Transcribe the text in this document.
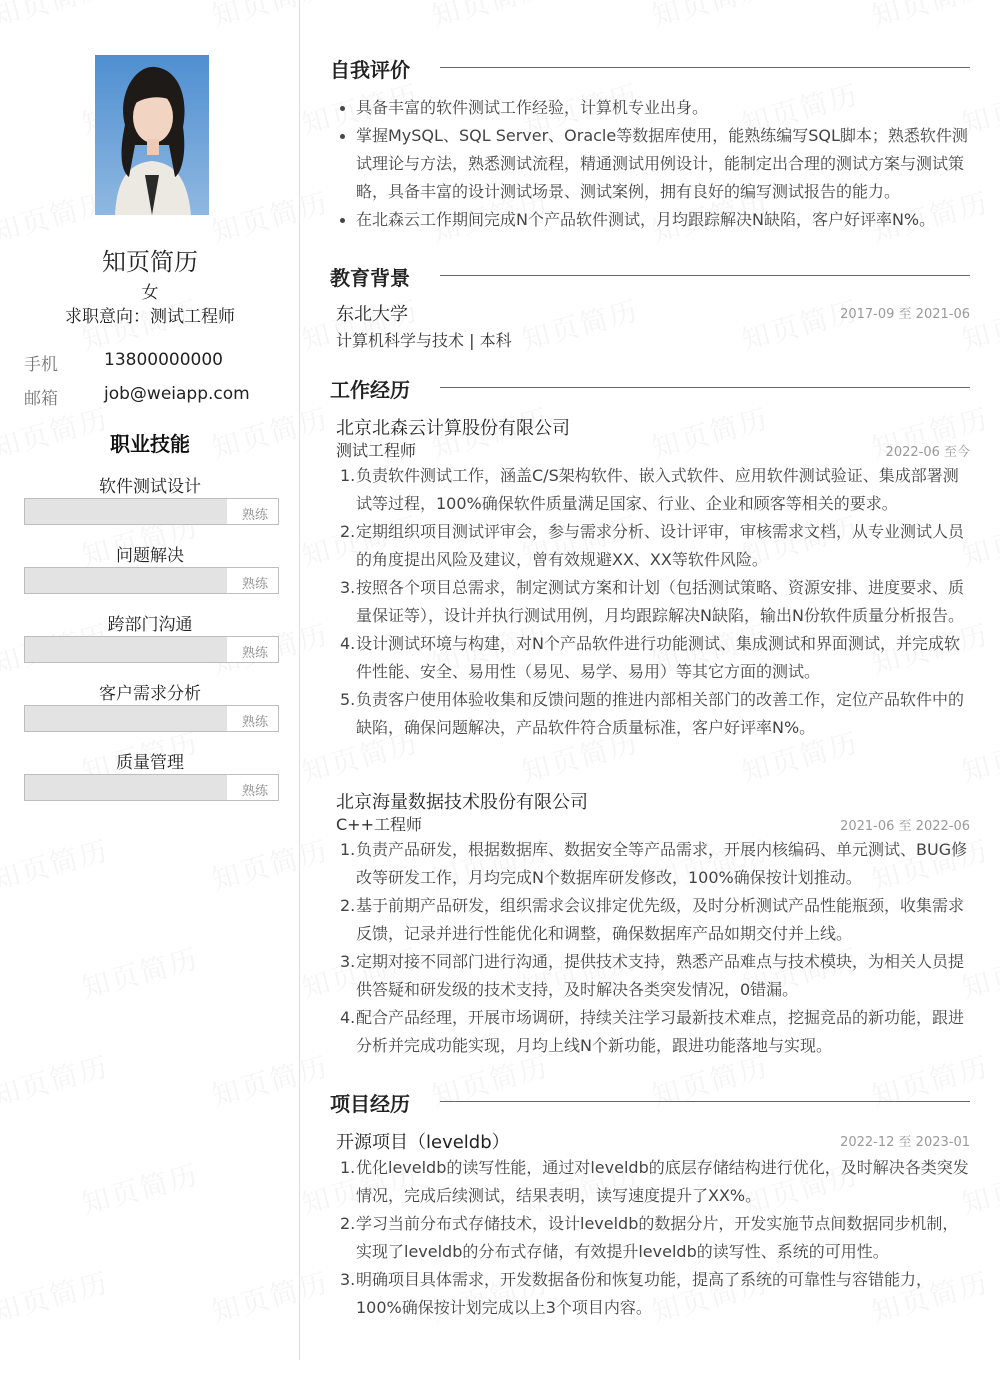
知页简历
女
求职意向：测试工程师
手机	13800000000
邮箱	job@weiapp.com
职业技能
软件测试设计
熟练
问题解决
熟练
跨部门沟通
熟练
客户需求分析
熟练
质量管理
熟练
自我评价
具备丰富的软件测试工作经验，计算机专业出身。
掌握MySQL、SQL Server、Oracle等数据库使用，能熟练编写SQL脚本；熟悉软件测试理论与方法，熟悉测试流程，精通测试用例设计，能制定出合理的测试方案与测试策略，具备丰富的设计测试场景、测试案例，拥有良好的编写测试报告的能力。
在北森云工作期间完成N个产品软件测试，月均跟踪解决N缺陷，客户好评率N%。
教育背景
东北大学	2017-09 至 2021-06
计算机科学与技术 | 本科
工作经历
北京北森云计算股份有限公司
测试工程师	2022-06 至今
1. 负责软件测试工作，涵盖C/S架构软件、嵌入式软件、应用软件测试验证、集成部署测试等过程，100%确保软件质量满足国家、行业、企业和顾客等相关的要求。
2. 定期组织项目测试评审会，参与需求分析、设计评审，审核需求文档，从专业测试人员的角度提出风险及建议，曾有效规避XX、XX等软件风险。
3. 按照各个项目总需求，制定测试方案和计划（包括测试策略、资源安排、进度要求、质量保证等），设计并执行测试用例，月均跟踪解决N缺陷，输出N份软件质量分析报告。
4. 设计测试环境与构建，对N个产品软件进行功能测试、集成测试和界面测试，并完成软件性能、安全、易用性（易见、易学、易用）等其它方面的测试。
5. 负责客户使用体验收集和反馈问题的推进内部相关部门的改善工作，定位产品软件中的缺陷，确保问题解决，产品软件符合质量标准，客户好评率N%。
北京海量数据技术股份有限公司
C++工程师	2021-06 至 2022-06
1. 负责产品研发，根据数据库、数据安全等产品需求，开展内核编码、单元测试、BUG修改等研发工作，月均完成N个数据库研发修改，100%确保按计划推动。
2. 基于前期产品研发，组织需求会议排定优先级，及时分析测试产品性能瓶颈，收集需求反馈，记录并进行性能优化和调整，确保数据库产品如期交付并上线。
3. 定期对接不同部门进行沟通，提供技术支持，熟悉产品难点与技术模块，为相关人员提供答疑和研发级的技术支持，及时解决各类突发情况，0错漏。
4. 配合产品经理，开展市场调研，持续关注学习最新技术难点，挖掘竞品的新功能，跟进分析并完成功能实现，月均上线N个新功能，跟进功能落地与实现。
项目经历
开源项目（leveldb）	2022-12 至 2023-01
1. 优化leveldb的读写性能，通过对leveldb的底层存储结构进行优化，及时解决各类突发情况，完成后续测试，结果表明，读写速度提升了XX%。
2. 学习当前分布式存储技术，设计leveldb的数据分片，开发实施节点间数据同步机制，实现了leveldb的分布式存储，有效提升leveldb的读写性、系统的可用性。
3. 明确项目具体需求，开发数据备份和恢复功能，提高了系统的可靠性与容错能力，100%确保按计划完成以上3个项目内容。
